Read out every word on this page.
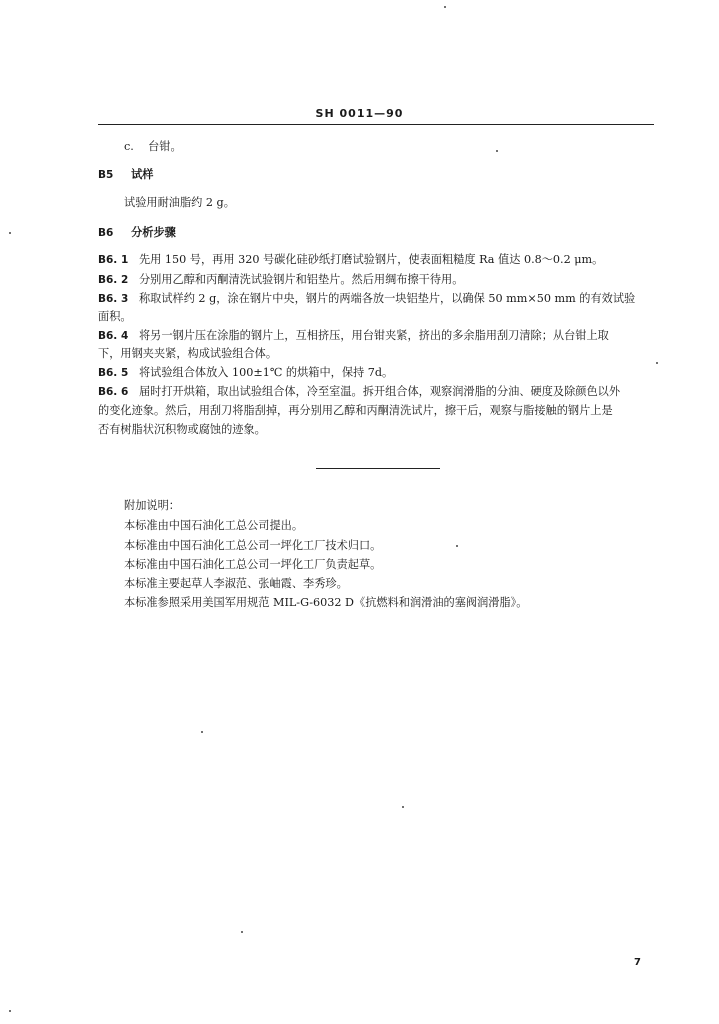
SH 0011—90
c. 台钳。
B5 试样
试验用耐油脂约 2 g。
B6 分析步骤
B6. 1 先用 150 号，再用 320 号碳化硅砂纸打磨试验钢片，使表面粗糙度 Ra 值达 0.8～0.2 μm。
B6. 2 分别用乙醇和丙酮清洗试验钢片和铝垫片。然后用绸布擦干待用。
B6. 3 称取试样约 2 g，涂在钢片中央，钢片的两端各放一块铝垫片，以确保 50 mm×50 mm 的有效试验
面积。
B6. 4 将另一钢片压在涂脂的钢片上，互相挤压，用台钳夹紧，挤出的多余脂用刮刀清除；从台钳上取
下，用钢夹夹紧，构成试验组合体。
B6. 5 将试验组合体放入 100±1℃ 的烘箱中，保持 7d。
B6. 6 届时打开烘箱，取出试验组合体，冷至室温。拆开组合体，观察润滑脂的分油、硬度及除颜色以外
的变化迹象。然后，用刮刀将脂刮掉，再分别用乙醇和丙酮清洗试片，擦干后，观察与脂接触的钢片上是
否有树脂状沉积物或腐蚀的迹象。
附加说明：
本标准由中国石油化工总公司提出。
本标准由中国石油化工总公司一坪化工厂技术归口。
本标准由中国石油化工总公司一坪化工厂负责起草。
本标准主要起草人李淑范、张岫霞、李秀珍。
本标准参照采用美国军用规范 MIL-G-6032 D《抗燃料和润滑油的塞阀润滑脂》。
7
